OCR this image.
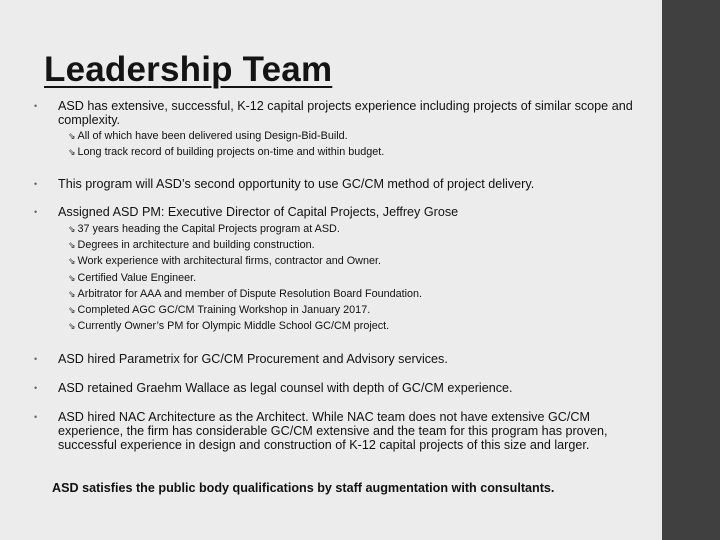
Leadership Team
•	ASD has extensive, successful, K-12 capital projects experience including projects of similar scope and complexity.
⇘ All of which have been delivered using Design-Bid-Build.
⇘ Long track record of building projects on-time and within budget.
•	This program will ASD’s second opportunity to use GC/CM method of project delivery.
•	Assigned ASD PM: Executive Director of Capital Projects, Jeffrey Grose
⇘ 37 years heading the Capital Projects program at ASD.
⇘ Degrees in architecture and building construction.
⇘ Work experience with architectural firms, contractor and Owner.
⇘ Certified Value Engineer.
⇘ Arbitrator for AAA and member of Dispute Resolution Board Foundation.
⇘ Completed AGC GC/CM Training Workshop in January 2017.
⇘ Currently Owner’s PM for Olympic Middle School GC/CM project.
•	ASD hired Parametrix for GC/CM Procurement and Advisory services.
•	ASD retained Graehm Wallace as legal counsel with depth of GC/CM experience.
•	ASD hired NAC Architecture as the Architect. While NAC team does not have extensive GC/CM experience, the firm has considerable GC/CM extensive and the team for this program has proven, successful experience in design and construction of K-12 capital projects of this size and larger.
ASD satisfies the public body qualifications by staff augmentation with consultants.
